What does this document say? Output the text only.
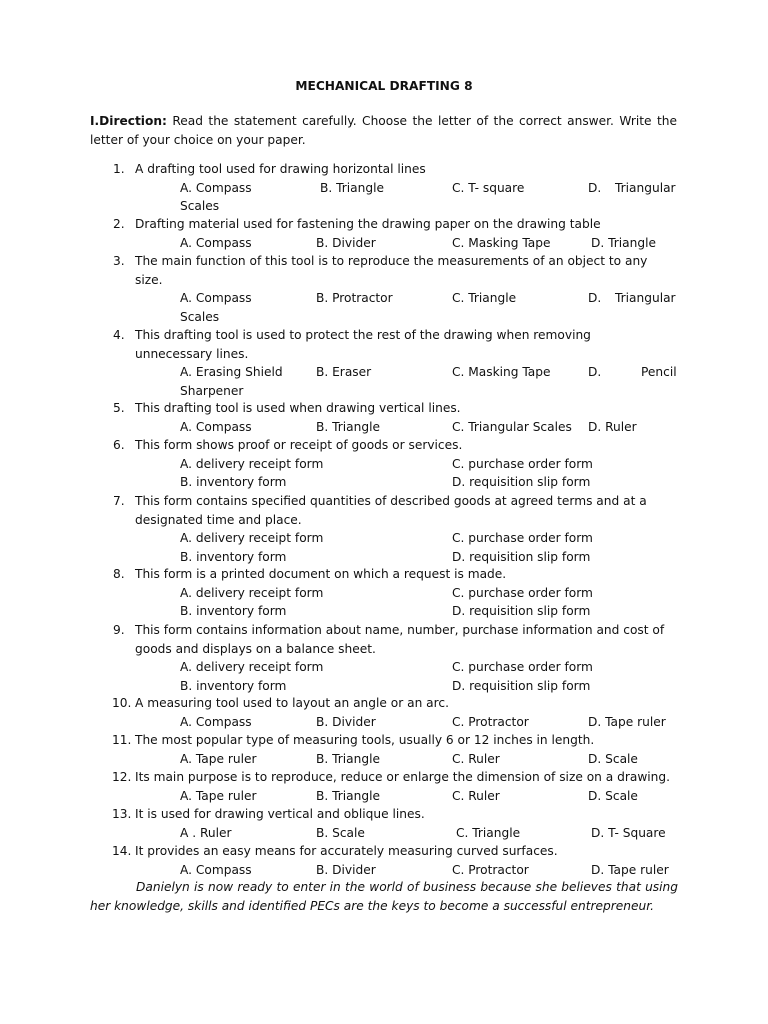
MECHANICAL DRAFTING 8
I.Direction: Read the statement carefully. Choose the letter of the correct answer. Write the letter of your choice on your paper.
1. A drafting tool used for drawing horizontal lines
A. Compass	B. Triangle	C. T- square	D. Triangular
Scales
2. Drafting material used for fastening the drawing paper on the drawing table
A. Compass	B. Divider	C. Masking Tape	D. Triangle
3. The main function of this tool is to reproduce the measurements of an object to any
size.
A. Compass	B. Protractor	C. Triangle	D. Triangular
Scales
4. This drafting tool is used to protect the rest of the drawing when removing
unnecessary lines.
A. Erasing Shield	B. Eraser	C. Masking Tape	D.	Pencil
Sharpener
5. This drafting tool is used when drawing vertical lines.
A. Compass	B. Triangle	C. Triangular Scales D. Ruler
6. This form shows proof or receipt of goods or services.
A. delivery receipt form	C. purchase order form
B. inventory form	D. requisition slip form
7. This form contains specified quantities of described goods at agreed terms and at a
designated time and place.
A. delivery receipt form	C. purchase order form
B. inventory form	D. requisition slip form
8. This form is a printed document on which a request is made.
A. delivery receipt form	C. purchase order form
B. inventory form	D. requisition slip form
9. This form contains information about name, number, purchase information and cost of
goods and displays on a balance sheet.
A. delivery receipt form	C. purchase order form
B. inventory form	D. requisition slip form
10. A measuring tool used to layout an angle or an arc.
A. Compass	B. Divider	C. Protractor	D. Tape ruler
11. The most popular type of measuring tools, usually 6 or 12 inches in length.
A. Tape ruler	B. Triangle	C. Ruler	D. Scale
12. Its main purpose is to reproduce, reduce or enlarge the dimension of size on a drawing.
A. Tape ruler	B. Triangle	C. Ruler	D. Scale
13. It is used for drawing vertical and oblique lines.
A . Ruler	B. Scale	C. Triangle	D. T- Square
14. It provides an easy means for accurately measuring curved surfaces.
A. Compass	B. Divider	C. Protractor	D. Tape ruler
Danielyn is now ready to enter in the world of business because she believes that using her knowledge, skills and identified PECs are the keys to become a successful entrepreneur.
